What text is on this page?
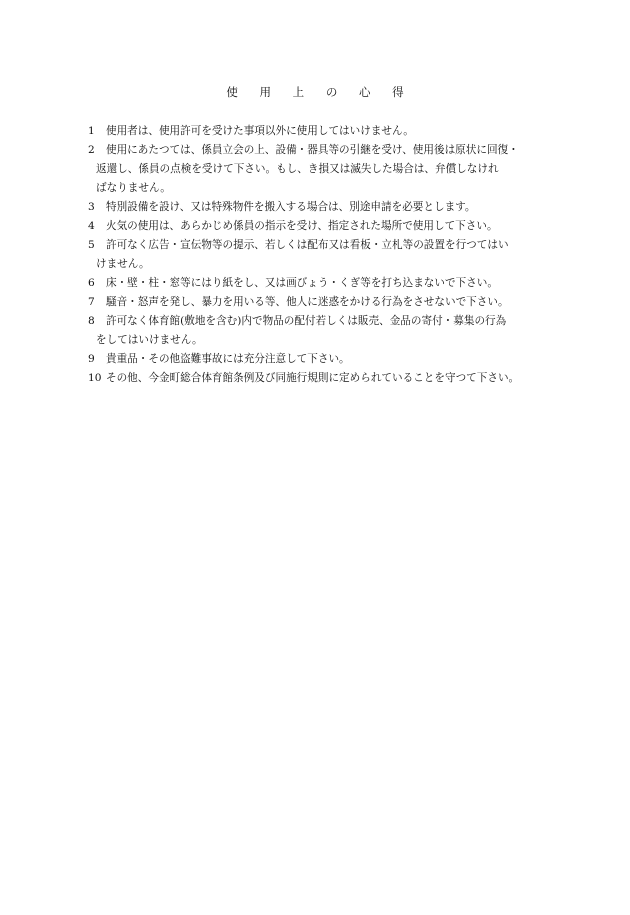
使 用 上 の 心 得
1	使用者は、使用許可を受けた事項以外に使用してはいけません。
2	使用にあたつては、係員立会の上、設備・器具等の引継を受け、使用後は原状に回復・
返還し、係員の点検を受けて下さい。もし、き損又は滅失した場合は、弁償しなけれ
ばなりません。
3	特別設備を設け、又は特殊物件を搬入する場合は、別途申請を必要とします。
4	火気の使用は、あらかじめ係員の指示を受け、指定された場所で使用して下さい。
5	許可なく広告・宣伝物等の提示、若しくは配布又は看板・立札等の設置を行つてはい
けません。
6	床・壁・柱・窓等にはり紙をし、又は画びょう・くぎ等を打ち込まないで下さい。
7	騒音・怒声を発し、暴力を用いる等、他人に迷惑をかける行為をさせないで下さい。
8	許可なく体育館(敷地を含む)内で物品の配付若しくは販売、金品の寄付・募集の行為
をしてはいけません。
9	貴重品・その他盗難事故には充分注意して下さい。
10 その他、今金町総合体育館条例及び同施行規則に定められていることを守つて下さい。
